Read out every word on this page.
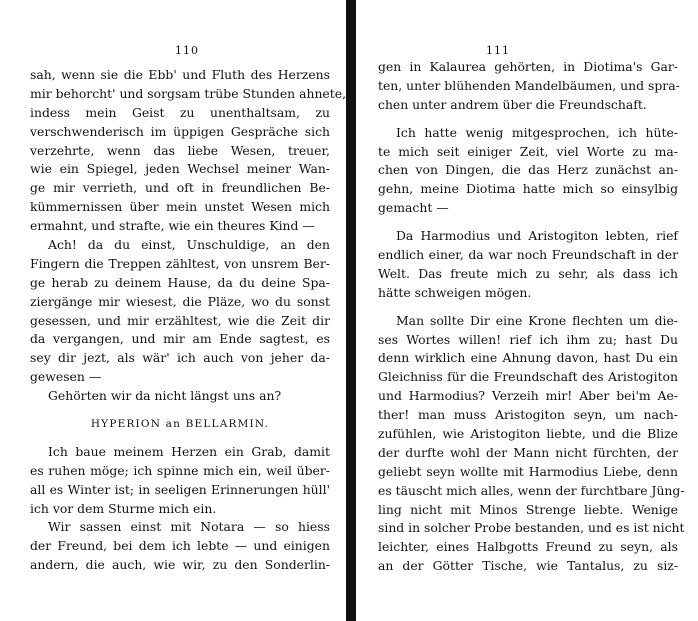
110
sah, wenn sie die Ebb' und Fluth des Herzens
mir behorcht' und sorgsam trübe Stunden ahnete,
indess mein Geist zu unenthaltsam, zu
verschwenderisch im üppigen Gespräche sich
verzehrte, wenn das liebe Wesen, treuer,
wie ein Spiegel, jeden Wechsel meiner Wan-
ge mir verrieth, und oft in freundlichen Be-
kümmernissen über mein unstet Wesen mich
ermahnt, und strafte, wie ein theures Kind —
Ach! da du einst, Unschuldige, an den
Fingern die Treppen zähltest, von unsrem Ber-
ge herab zu deinem Hause, da du deine Spa-
ziergänge mir wiesest, die Pläze, wo du sonst
gesessen, und mir erzähltest, wie die Zeit dir
da vergangen, und mir am Ende sagtest, es
sey dir jezt, als wär' ich auch von jeher da-
gewesen —
Gehörten wir da nicht längst uns an?
HYPERION an BELLARMIN.
Ich baue meinem Herzen ein Grab, damit
es ruhen möge; ich spinne mich ein, weil über-
all es Winter ist; in seeligen Erinnerungen hüll'
ich vor dem Sturme mich ein.
Wir sassen einst mit Notara — so hiess
der Freund, bei dem ich lebte — und einigen
andern, die auch, wie wir, zu den Sonderlin-
111
gen in Kalaurea gehörten, in Diotima's Gar-
ten, unter blühenden Mandelbäumen, und spra-
chen unter andrem über die Freundschaft.
Ich hatte wenig mitgesprochen, ich hüte-
te mich seit einiger Zeit, viel Worte zu ma-
chen von Dingen, die das Herz zunächst an-
gehn, meine Diotima hatte mich so einsylbig
gemacht —
Da Harmodius und Aristogiton lebten, rief
endlich einer, da war noch Freundschaft in der
Welt. Das freute mich zu sehr, als dass ich
hätte schweigen mögen.
Man sollte Dir eine Krone flechten um die-
ses Wortes willen! rief ich ihm zu; hast Du
denn wirklich eine Ahnung davon, hast Du ein
Gleichniss für die Freundschaft des Aristogiton
und Harmodius? Verzeih mir! Aber bei'm Ae-
ther! man muss Aristogiton seyn, um nach-
zufühlen, wie Aristogiton liebte, und die Blize
der durfte wohl der Mann nicht fürchten, der
geliebt seyn wollte mit Harmodius Liebe, denn
es täuscht mich alles, wenn der furchtbare Jüng-
ling nicht mit Minos Strenge liebte. Wenige
sind in solcher Probe bestanden, und es ist nicht
leichter, eines Halbgotts Freund zu seyn, als
an der Götter Tische, wie Tantalus, zu siz-
